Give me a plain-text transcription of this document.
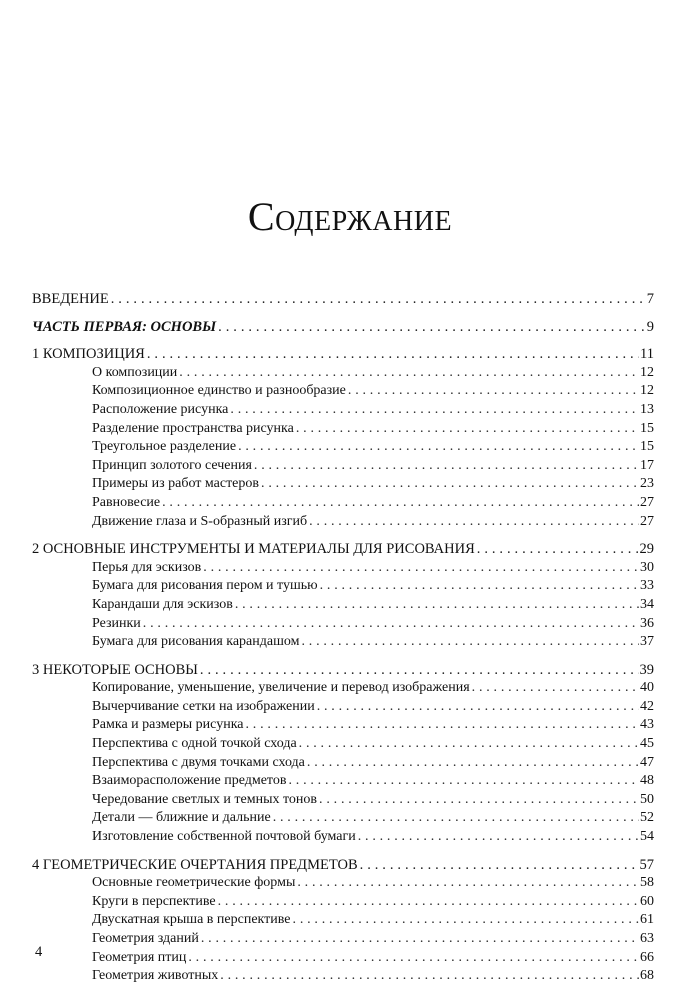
Содержание
ВВЕДЕНИЕ . . .	7
ЧАСТЬ ПЕРВАЯ: ОСНОВЫ . . .	9
1 КОМПОЗИЦИЯ . . .	11
О композиции . . .	12
Композиционное единство и разнообразие . . .	12
Расположение рисунка . . .	13
Разделение пространства рисунка . . .	15
Треугольное разделение . . .	15
Принцип золотого сечения . . .	17
Примеры из работ мастеров . . .	23
Равновесие . . .	27
Движение глаза и S-образный изгиб . . .	27
2 ОСНОВНЫЕ ИНСТРУМЕНТЫ И МАТЕРИАЛЫ ДЛЯ РИСОВАНИЯ . . .	29
Перья для эскизов . . .	30
Бумага для рисования пером и тушью . . .	33
Карандаши для эскизов . . .	34
Резинки . . .	36
Бумага для рисования карандашом . . .	37
3 НЕКОТОРЫЕ ОСНОВЫ . . .	39
Копирование, уменьшение, увеличение и перевод изображения . . .	40
Вычерчивание сетки на изображении . . .	42
Рамка и размеры рисунка . . .	43
Перспектива с одной точкой схода . . .	45
Перспектива с двумя точками схода . . .	47
Взаиморасположение предметов . . .	48
Чередование светлых и темных тонов . . .	50
Детали — ближние и дальние . . .	52
Изготовление собственной почтовой бумаги . . .	54
4 ГЕОМЕТРИЧЕСКИЕ ОЧЕРТАНИЯ ПРЕДМЕТОВ . . .	57
Основные геометрические формы . . .	58
Круги в перспективе . . .	60
Двускатная крыша в перспективе . . .	61
Геометрия зданий . . .	63
Геометрия птиц . . .	66
Геометрия животных . . .	68
4
